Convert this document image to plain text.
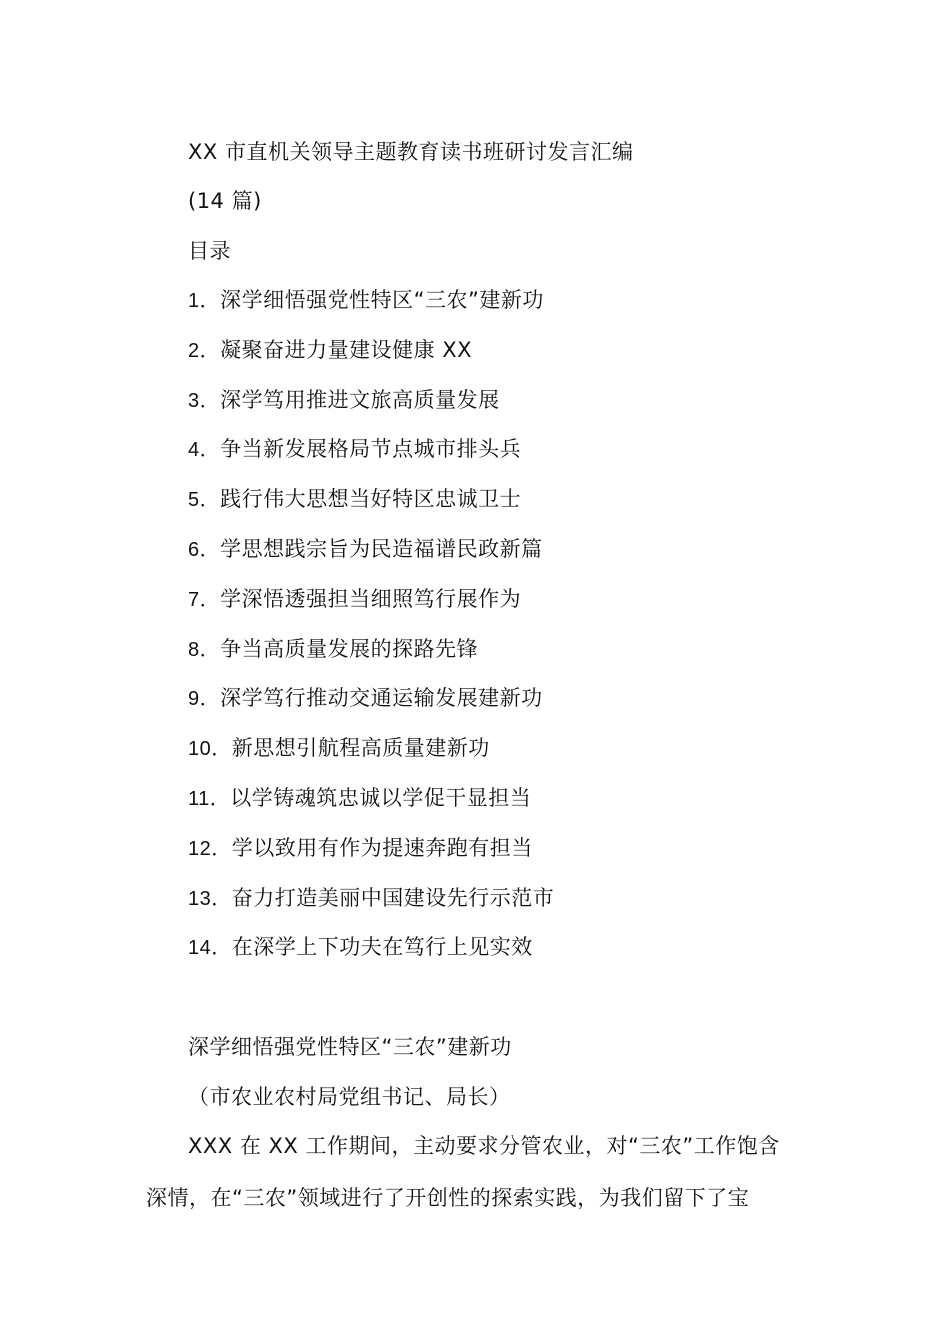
XX 市直机关领导主题教育读书班研讨发言汇编
(14 篇)
目录
1．深学细悟强党性特区“三农”建新功
2．凝聚奋进力量建设健康 XX
3．深学笃用推进文旅高质量发展
4．争当新发展格局节点城市排头兵
5．践行伟大思想当好特区忠诚卫士
6．学思想践宗旨为民造福谱民政新篇
7．学深悟透强担当细照笃行展作为
8．争当高质量发展的探路先锋
9．深学笃行推动交通运输发展建新功
10．新思想引航程高质量建新功
11．以学铸魂筑忠诚以学促干显担当
12．学以致用有作为提速奔跑有担当
13．奋力打造美丽中国建设先行示范市
14．在深学上下功夫在笃行上见实效
深学细悟强党性特区“三农”建新功
（市农业农村局党组书记、局长）
XXX 在 XX 工作期间，主动要求分管农业，对“三农”工作饱含
深情，在“三农”领域进行了开创性的探索实践，为我们留下了宝
